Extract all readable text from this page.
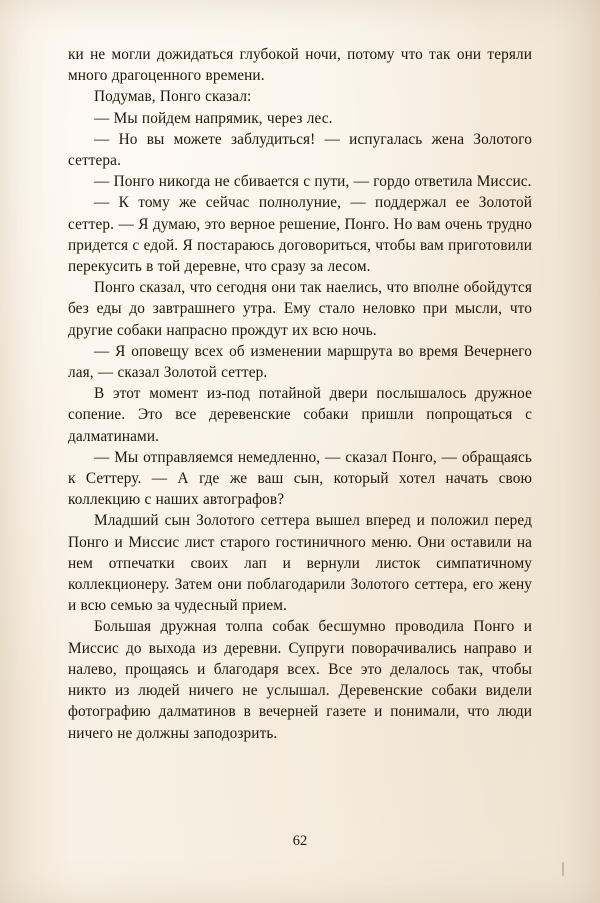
ки не могли дожидаться глубокой ночи, потому что так они теряли много драгоценного времени.

Подумав, Понго сказал:

— Мы пойдем напрямик, через лес.

— Но вы можете заблудиться! — испугалась жена Золотого сеттера.

— Понго никогда не сбивается с пути, — гордо ответила Миссис.

— К тому же сейчас полнолуние, — поддержал ее Золотой сеттер. — Я думаю, это верное решение, Понго. Но вам очень трудно придется с едой. Я постараюсь договориться, чтобы вам приготовили перекусить в той деревне, что сразу за лесом.

Понго сказал, что сегодня они так наелись, что вполне обойдутся без еды до завтрашнего утра. Ему стало неловко при мысли, что другие собаки напрасно прождут их всю ночь.

— Я оповещу всех об изменении маршрута во время Вечернего лая, — сказал Золотой сеттер.

В этот момент из-под потайной двери послышалось дружное сопение. Это все деревенские собаки пришли попрощаться с далматинами.

— Мы отправляемся немедленно, — сказал Понго, — обращаясь к Сеттеру. — А где же ваш сын, который хотел начать свою коллекцию с наших автографов?

Младший сын Золотого сеттера вышел вперед и положил перед Понго и Миссис лист старого гостиничного меню. Они оставили на нем отпечатки своих лап и вернули листок симпатичному коллекционеру. Затем они поблагодарили Золотого сеттера, его жену и всю семью за чудесный прием.

Большая дружная толпа собак бесшумно проводила Понго и Миссис до выхода из деревни. Супруги поворачивались направо и налево, прощаясь и благодаря всех. Все это делалось так, чтобы никто из людей ничего не услышал. Деревенские собаки видели фотографию далматинов в вечерней газете и понимали, что люди ничего не должны заподозрить.

62
